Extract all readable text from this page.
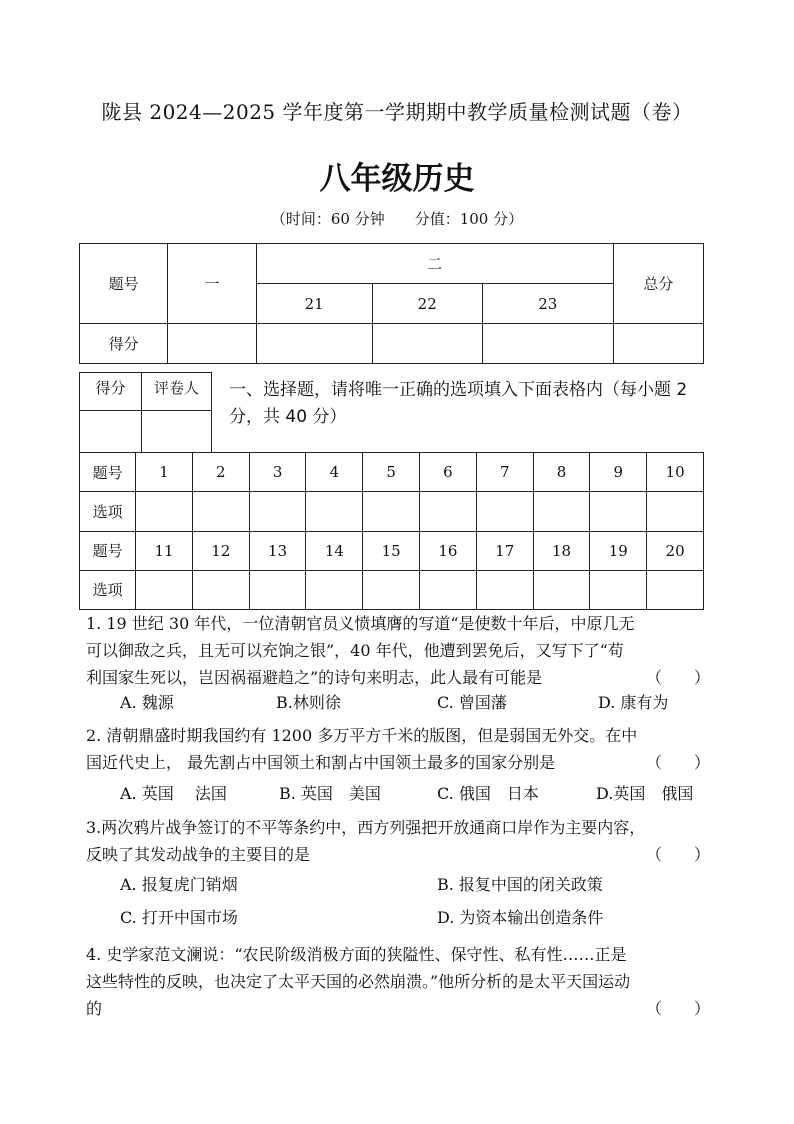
陇县 2024—2025 学年度第一学期期中教学质量检测试题（卷）
八年级历史
（时间：60 分钟　　分值：100 分）
题号	一	二			总分
		21	22	23	
得分					
得分	评卷人
	一、选择题，请将唯一正确的选项填入下面表格内（每小题 2 分，共 40 分）
题号	1	2	3	4	5	6	7	8	9	10
选项										
题号	11	12	13	14	15	16	17	18	19	20
选项										
1. 19 世纪 30 年代，一位清朝官员义愤填膺的写道“是使数十年后，中原几无
可以御敌之兵，且无可以充饷之银”，40 年代，他遭到罢免后，又写下了“苟
利国家生死以，岂因祸福避趋之”的诗句来明志，此人最有可能是	（　　）
A. 魏源	B.林则徐	C. 曾国藩	D. 康有为
2. 清朝鼎盛时期我国约有 1200 多万平方千米的版图，但是弱国无外交。在中
国近代史上， 最先割占中国领土和割占中国领土最多的国家分别是	（　　）
A. 英国　 法国	B. 英国　美国	C. 俄国　日本	D.英国　俄国
3.两次鸦片战争签订的不平等条约中，西方列强把开放通商口岸作为主要内容，
反映了其发动战争的主要目的是	（　　）
A. 报复虎门销烟	B. 报复中国的闭关政策
C. 打开中国市场	D. 为资本输出创造条件
4. 史学家范文澜说：“农民阶级消极方面的狭隘性、保守性、私有性……正是
这些特性的反映，也决定了太平天国的必然崩溃。”他所分析的是太平天国运动
的	（　　）
